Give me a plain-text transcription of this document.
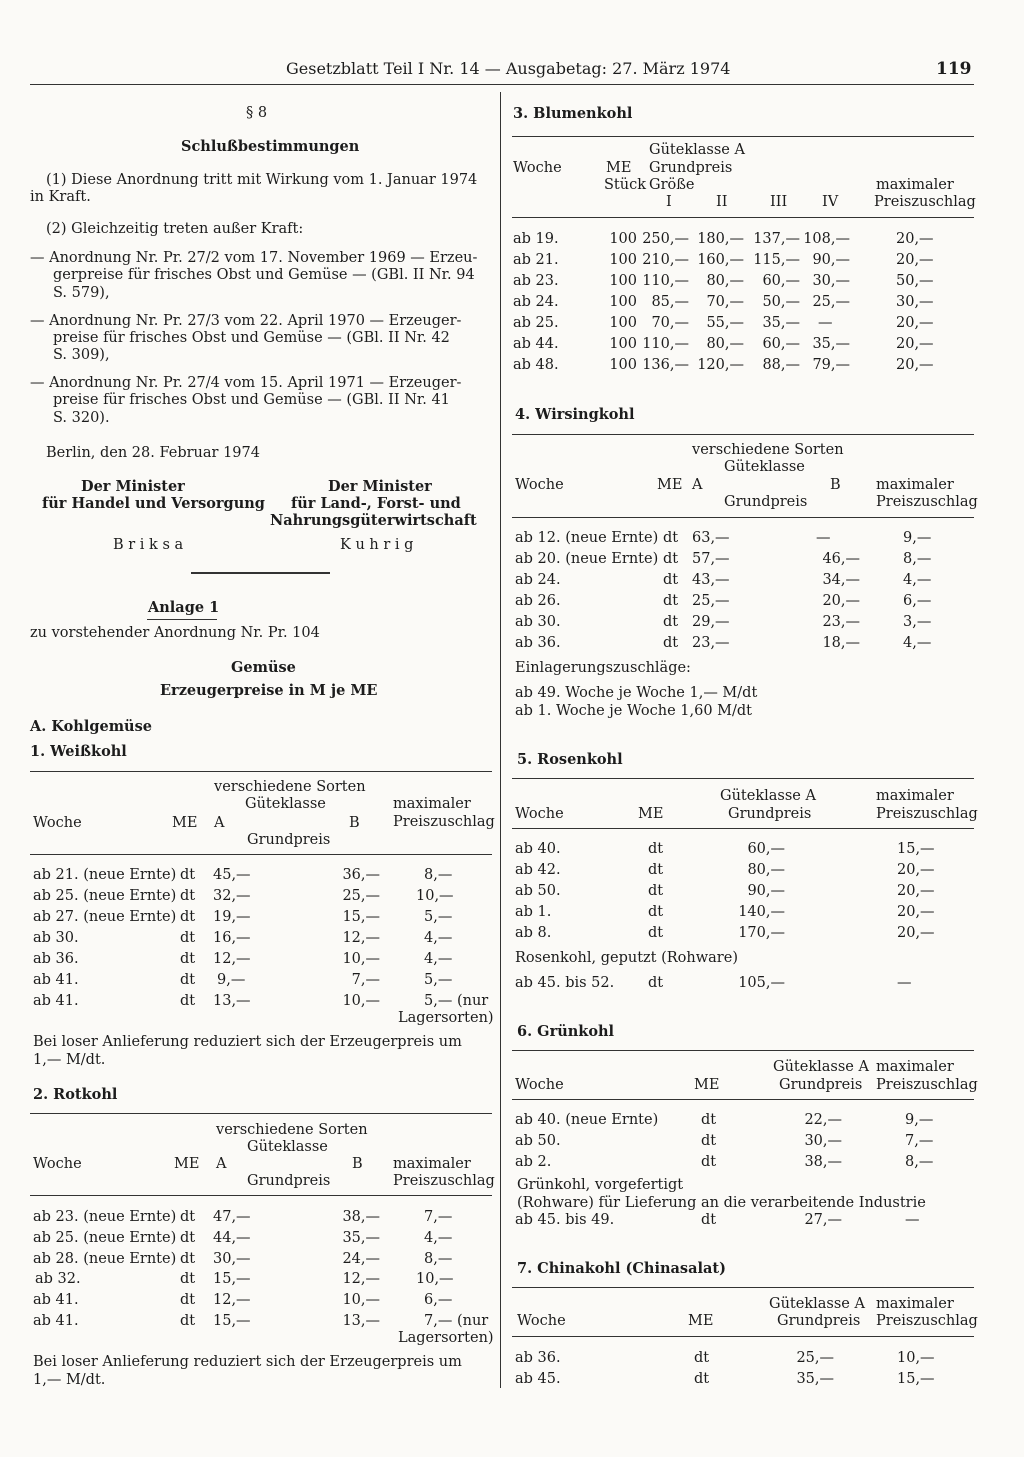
Gesetzblatt Teil I Nr. 14 — Ausgabetag: 27. März 1974	119
§ 8
Schlußbestimmungen
(1) Diese Anordnung tritt mit Wirkung vom 1. Januar 1974
in Kraft.
(2) Gleichzeitig treten außer Kraft:
— Anordnung Nr. Pr. 27/2 vom 17. November 1969 — Erzeu-
gerpreise für frisches Obst und Gemüse — (GBl. II Nr. 94
S. 579),
— Anordnung Nr. Pr. 27/3 vom 22. April 1970 — Erzeuger-
preise für frisches Obst und Gemüse — (GBl. II Nr. 42
S. 309),
— Anordnung Nr. Pr. 27/4 vom 15. April 1971 — Erzeuger-
preise für frisches Obst und Gemüse — (GBl. II Nr. 41
S. 320).
Berlin, den 28. Februar 1974
Der Minister
für Handel und Versorgung
B r i k s a
Der Minister
für Land-, Forst- und
Nahrungsgüterwirtschaft
K u h r i g
Anlage 1
zu vorstehender Anordnung Nr. Pr. 104
Gemüse
Erzeugerpreise in M je ME
A. Kohlgemüse
1. Weißkohl
verschiedene Sorten
Güteklasse	maximaler
Woche	ME A	B Preiszuschlag
Grundpreis
ab 21. (neue Ernte) dt 45,—	36,—	8,—
ab 25. (neue Ernte) dt 32,—	25,— 10,—
ab 27. (neue Ernte) dt 19,—	15,—	5,—
ab 30.	dt 16,—	12,—	4,—
ab 36.	dt 12,—	10,—	4,—
ab 41.	dt 9,—	7,—	5,—
ab 41.	dt 13,—	10,—	5,— (nur
Lagersorten)
Bei loser Anlieferung reduziert sich der Erzeugerpreis um
1,— M/dt.
2. Rotkohl
verschiedene Sorten
Güteklasse
Woche	ME A	B maximaler
Grundpreis	Preiszuschlag
ab 23. (neue Ernte) dt 47,—	38,—	7,—
ab 25. (neue Ernte) dt 44,—	35,—	4,—
ab 28. (neue Ernte) dt 30,—	24,—	8,—
ab 32.	dt 15,—	12,— 10,—
ab 41.	dt 12,—	10,—	6,—
ab 41.	dt 15,—	13,—	7,— (nur
Lagersorten)
Bei loser Anlieferung reduziert sich der Erzeugerpreis um
1,— M/dt.
3. Blumenkohl
Güteklasse A
Woche	ME Grundpreis
Stück Größe	maximaler
I	II	III IV Preiszuschlag
ab 19.	100 250,— 180,— 137,— 108,—	20,—
ab 21.	100 210,— 160,— 115,— 90,—	20,—
ab 23.	100 110,—	80,—	60,— 30,—	50,—
ab 24.	100 85,—	70,—	50,— 25,—	30,—
ab 25.	100 70,—	55,—	35,— —	20,—
ab 44.	100 110,—	80,—	60,— 35,—	20,—
ab 48.	100 136,— 120,—	88,— 79,—	20,—
4. Wirsingkohl
verschiedene Sorten
Güteklasse
Woche	ME A	B maximaler
Grundpreis	Preiszuschlag
ab 12. (neue Ernte) dt 63,—	—	9,—
ab 20. (neue Ernte) dt 57,—	46,—	8,—
ab 24.	dt 43,—	34,—	4,—
ab 26.	dt 25,—	20,—	6,—
ab 30.	dt 29,—	23,—	3,—
ab 36.	dt 23,—	18,—	4,—
Einlagerungszuschläge:
ab 49. Woche je Woche 1,— M/dt
ab 1. Woche je Woche 1,60 M/dt
5. Rosenkohl
Güteklasse A	maximaler
Woche	ME	Grundpreis	Preiszuschlag
ab 40.	dt	60,—	15,—
ab 42.	dt	80,—	20,—
ab 50.	dt	90,—	20,—
ab 1.	dt	140,—	20,—
ab 8.	dt	170,—	20,—
Rosenkohl, geputzt (Rohware)
ab 45. bis 52. dt	105,—	—
6. Grünkohl
Güteklasse A maximaler
Woche	ME	Grundpreis Preiszuschlag
ab 40. (neue Ernte)	dt	22,—	9,—
ab 50.	dt	30,—	7,—
ab 2.	dt	38,—	8,—
Grünkohl, vorgefertigt
(Rohware) für Lieferung an die verarbeitende Industrie
ab 45. bis 49.	dt	27,—	—
7. Chinakohl (Chinasalat)
Güteklasse A maximaler
Woche	ME	Grundpreis Preiszuschlag
ab 36.	dt	25,—	10,—
ab 45.	dt	35,—	15,—
